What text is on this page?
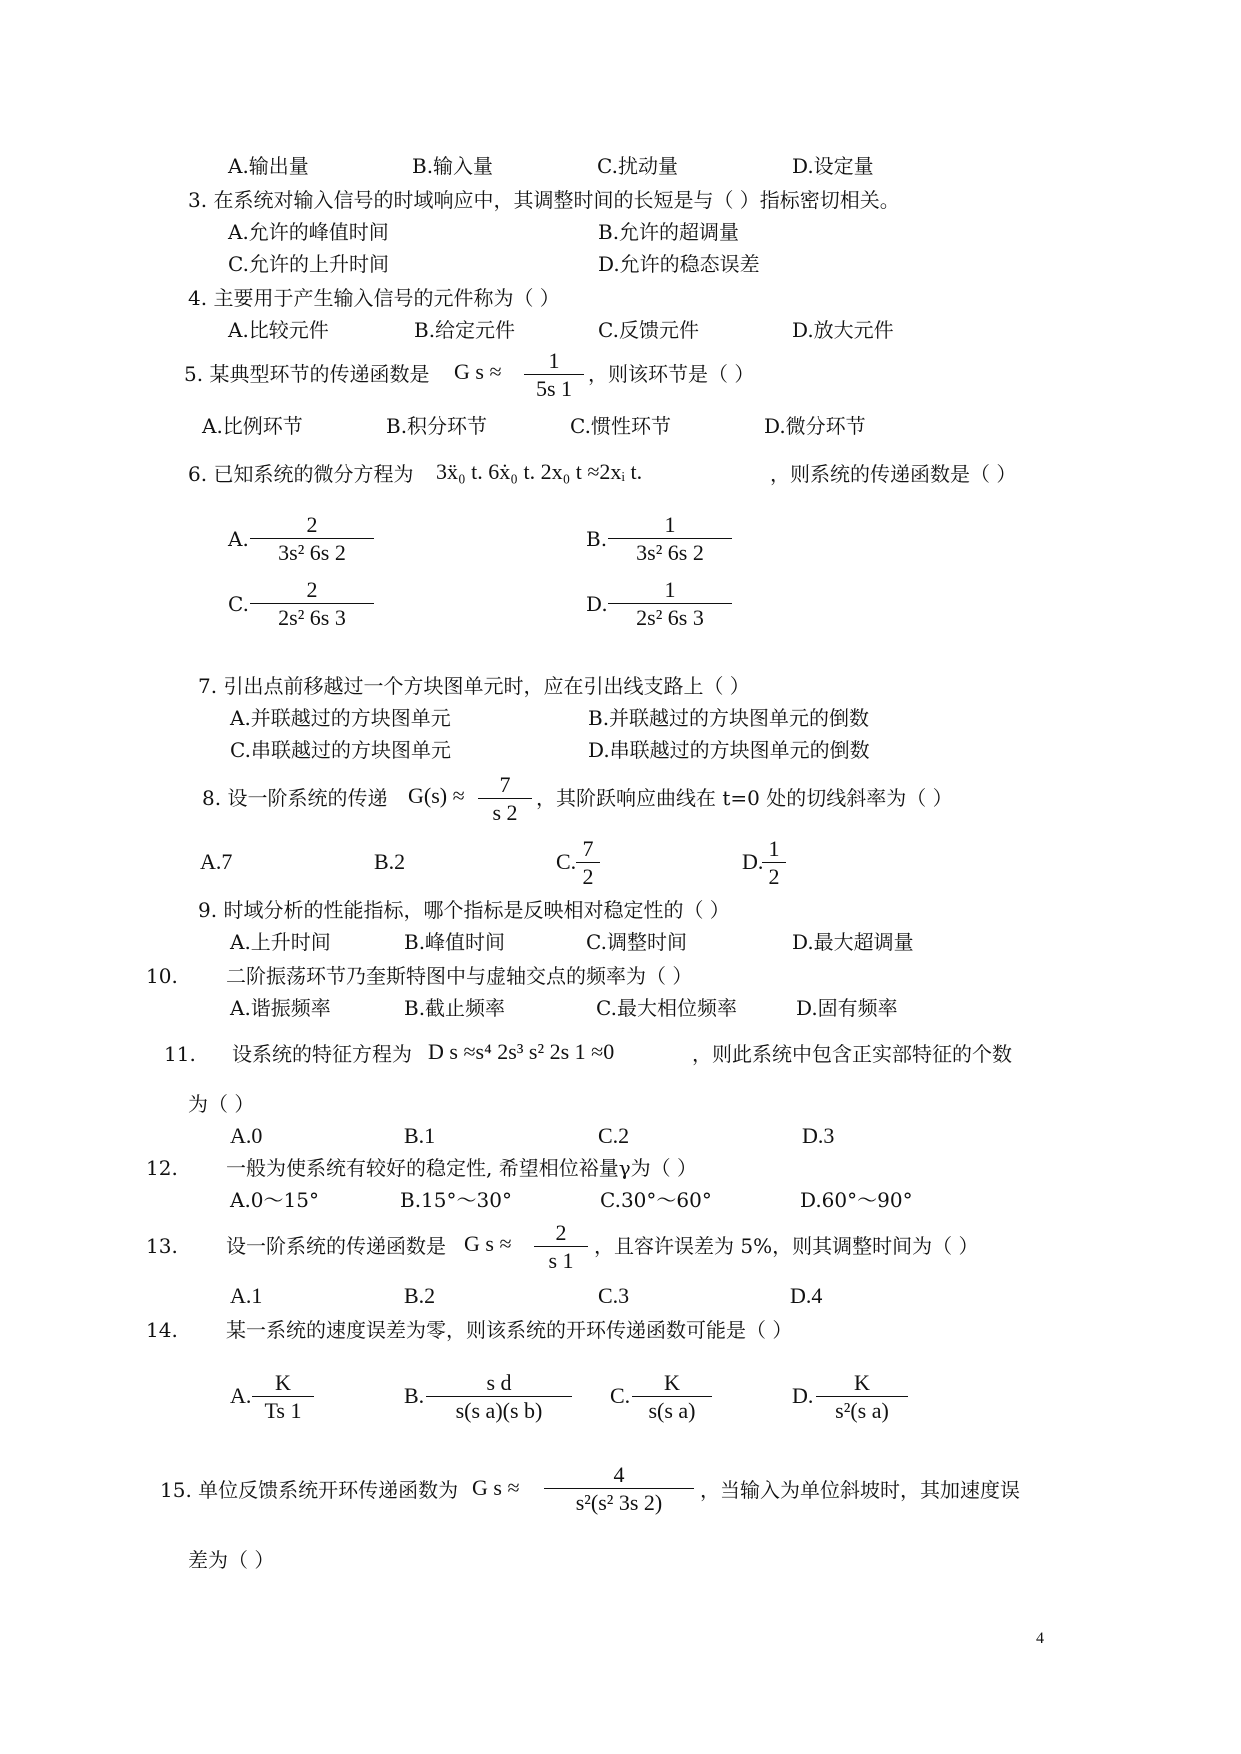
A.输出量	B.输入量	C.扰动量	D.设定量
3. 在系统对输入信号的时域响应中，其调整时间的长短是与（ ）指标密切相关。
A.允许的峰值时间	B.允许的超调量
C.允许的上升时间	D.允许的稳态误差
4. 主要用于产生输入信号的元件称为（ ）
A.比较元件	B.给定元件	C.反馈元件	D.放大元件
5. 某典型环节的传递函数是 G s ≈	1
5s 1
，则该环节是（ ）
A.比例环节	B.积分环节	C.惯性环节	D.微分环节
6. 已知系统的微分方程为 3ẍ₀ t. 6ẋ₀ t. 2x₀ t ≈2xᵢ t.	，则系统的传递函数是（ ）
A.
2
3s² 6s 2
B.
1
3s² 6s 2
C.
2
2s² 6s 3
D.
1
2s² 6s 3
7. 引出点前移越过一个方块图单元时，应在引出线支路上（ ）
A.并联越过的方块图单元	B.并联越过的方块图单元的倒数
C.串联越过的方块图单元	D.串联越过的方块图单元的倒数
8. 设一阶系统的传递 G(s) ≈	7
s 2
，其阶跃响应曲线在 t=0 处的切线斜率为（ ）
A.7	B.2	C.
7
2
D.
1
2
9. 时域分析的性能指标，哪个指标是反映相对稳定性的（ ）
A.上升时间	B.峰值时间	C.调整时间	D.最大超调量
10. 二阶振荡环节乃奎斯特图中与虚轴交点的频率为（ ）
A.谐振频率	B.截止频率	C.最大相位频率	D.固有频率
11. 设系统的特征方程为 D s ≈s⁴ 2s³ s² 2s 1 ≈0	，则此系统中包含正实部特征的个数
为（ ）
A.0	B.1	C.2	D.3
12. 一般为使系统有较好的稳定性, 希望相位裕量γ为（ ）
A.0～15°	B.15°～30°	C.30°～60°	D.60°～90°
13. 设一阶系统的传递函数是 G s ≈	2
s 1
，且容许误差为 5%，则其调整时间为（ ）
A.1	B.2	C.3	D.4
14. 某一系统的速度误差为零，则该系统的开环传递函数可能是（ ）
A.
K
Ts 1
B.
s d
s(s a)(s b)
C.
K
s(s a)
D.
K
s²(s a)
15. 单位反馈系统开环传递函数为 G s ≈
4
s²(s² 3s 2)	，当输入为单位斜坡时，其加速度误
差为（ ）
4
